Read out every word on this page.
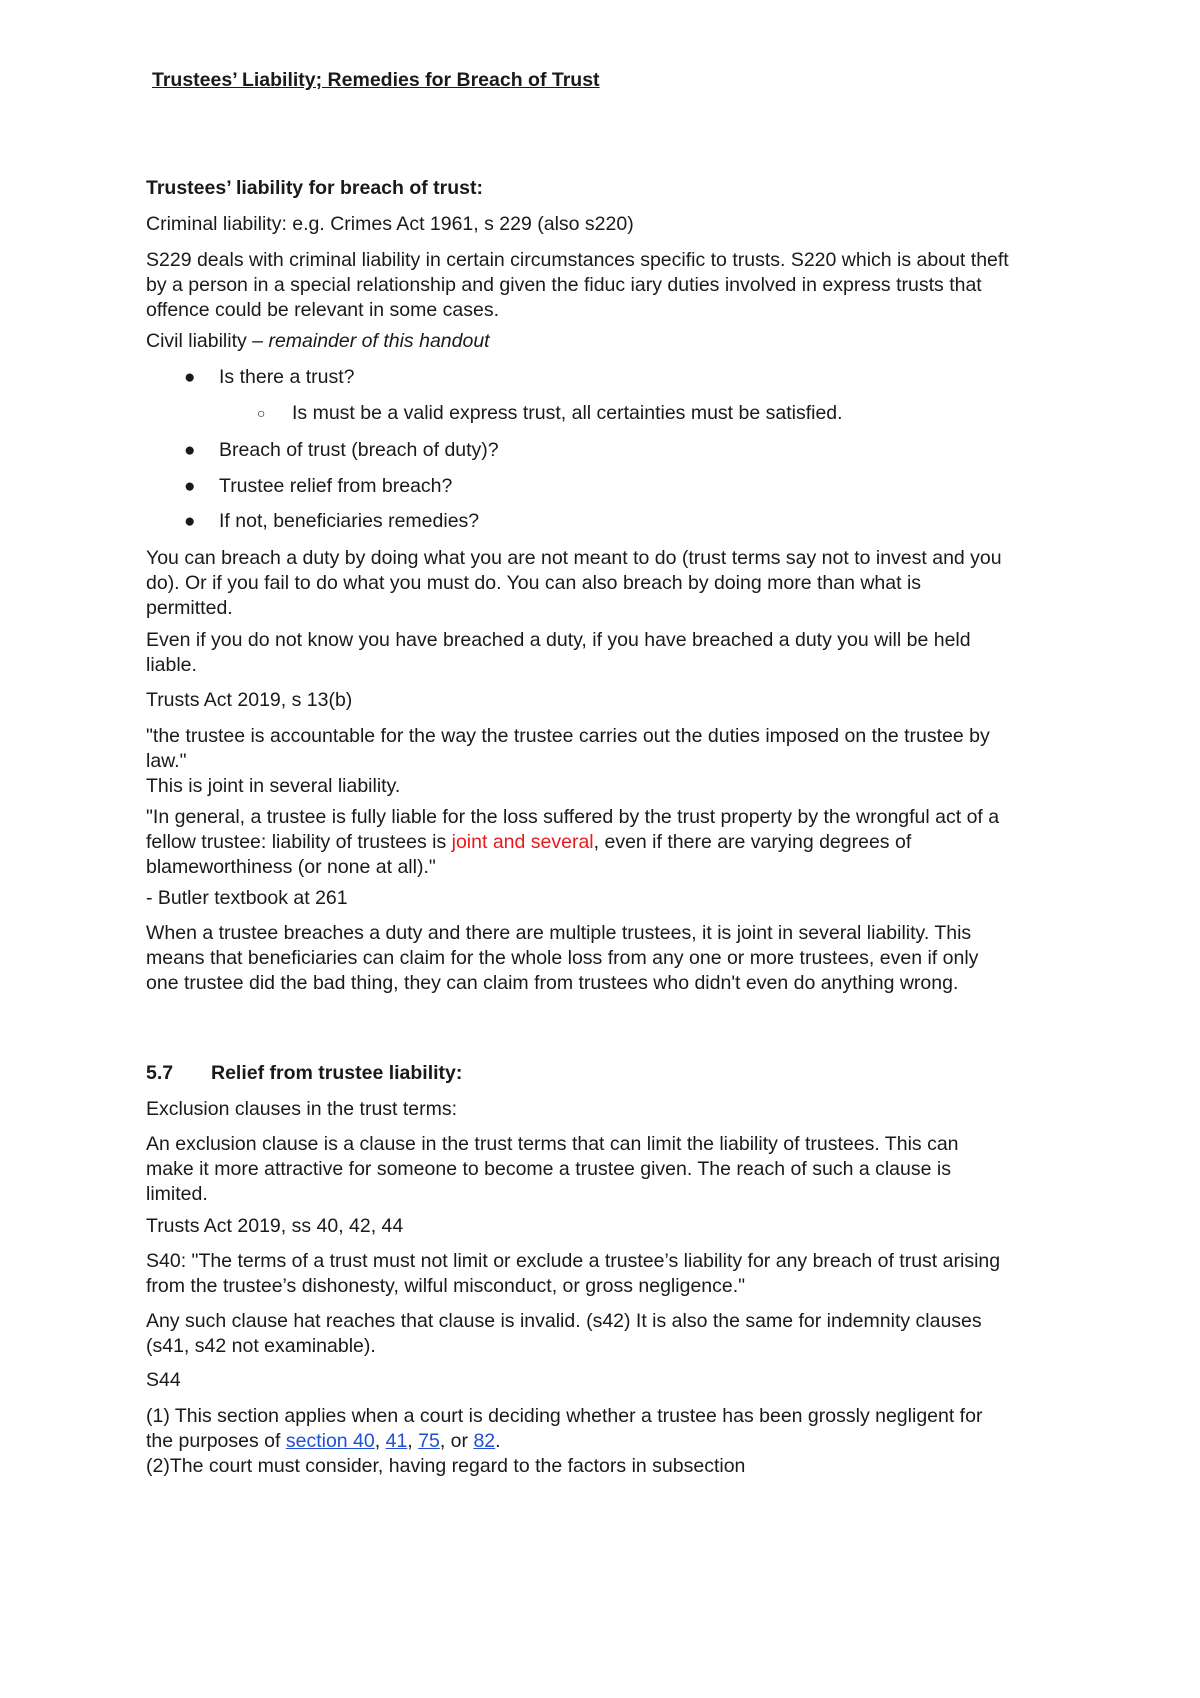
Trustees’ Liability; Remedies for Breach of Trust
Trustees’ liability for breach of trust:
Criminal liability: e.g. Crimes Act 1961, s 229 (also s220)

S229 deals with criminal liability in certain circumstances specific to trusts. S220 which is about theft

by a person in a special relationship and given the fiduc iary duties involved in express trusts that

offence could be relevant in some cases.

Civil liability – remainder of this handout
● Is there a trust?
○ Is must be a valid express trust, all certainties must be satisfied.
● Breach of trust (breach of duty)?
● Trustee relief from breach?
● If not, beneficiaries remedies?

You can breach a duty by doing what you are not meant to do (trust terms say not to invest and you

do). Or if you fail to do what you must do. You can also breach by doing more than what is

permitted.

Even if you do not know you have breached a duty, if you have breached a duty you will be held

liable.

Trusts Act 2019, s 13(b)

"the trustee is accountable for the way the trustee carries out the duties imposed on the trustee by

law."

This is joint in several liability.

"In general, a trustee is fully liable for the loss suffered by the trust property by the wrongful act of a

fellow trustee: liability of trustees is joint and several, even if there are varying degrees of

blameworthiness (or none at all)."

- Butler textbook at 261

When a trustee breaches a duty and there are multiple trustees, it is joint in several liability. This

means that beneficiaries can claim for the whole loss from any one or more trustees, even if only

one trustee did the bad thing, they can claim from trustees who didn't even do anything wrong.

5.7 Relief from trustee liability:
Exclusion clauses in the trust terms:

An exclusion clause is a clause in the trust terms that can limit the liability of trustees. This can

make it more attractive for someone to become a trustee given. The reach of such a clause is

limited.

Trusts Act 2019, ss 40, 42, 44

S40: "The terms of a trust must not limit or exclude a trustee’s liability for any breach of trust arising

from the trustee’s dishonesty, wilful misconduct, or gross negligence."

Any such clause hat reaches that clause is invalid. (s42) It is also the same for indemnity clauses

(s41, s42 not examinable).

S44

(1) This section applies when a court is deciding whether a trustee has been grossly negligent for

the purposes of section 40, 41, 75, or 82.

(2)The court must consider, having regard to the factors in subsection
